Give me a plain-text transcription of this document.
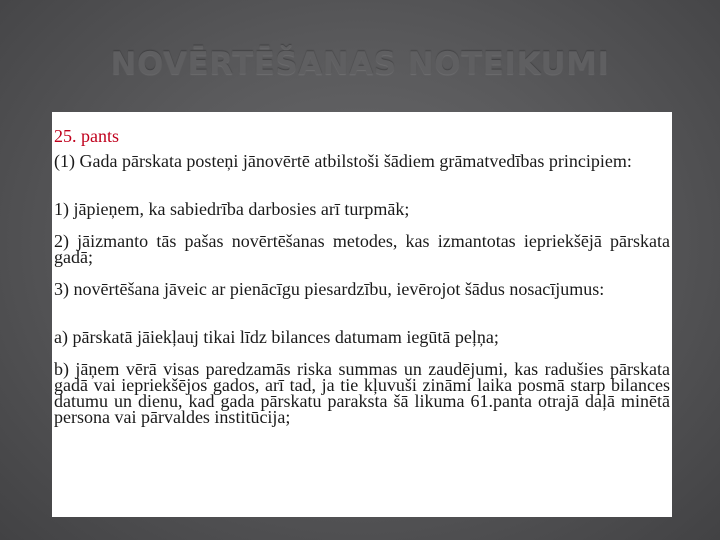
NOVĒRTĒŠANAS NOTEIKUMI
25. pants
(1) Gada pārskata posteņi jānovērtē atbilstoši šādiem grāmatvedības principiem:
1) jāpieņem, ka sabiedrība darbosies arī turpmāk;
2) jāizmanto tās pašas novērtēšanas metodes, kas izmantotas iepriekšējā pārskata gadā;
3) novērtēšana jāveic ar pienācīgu piesardzību, ievērojot šādus nosacījumus:
a) pārskatā jāiekļauj tikai līdz bilances datumam iegūtā peļņa;
b) jāņem vērā visas paredzamās riska summas un zaudējumi, kas radušies pārskata gadā vai iepriekšējos gados, arī tad, ja tie kļuvuši zināmi laika posmā starp bilances datumu un dienu, kad gada pārskatu paraksta šā likuma 61.panta otrajā daļā minētā persona vai pārvaldes institūcija;
